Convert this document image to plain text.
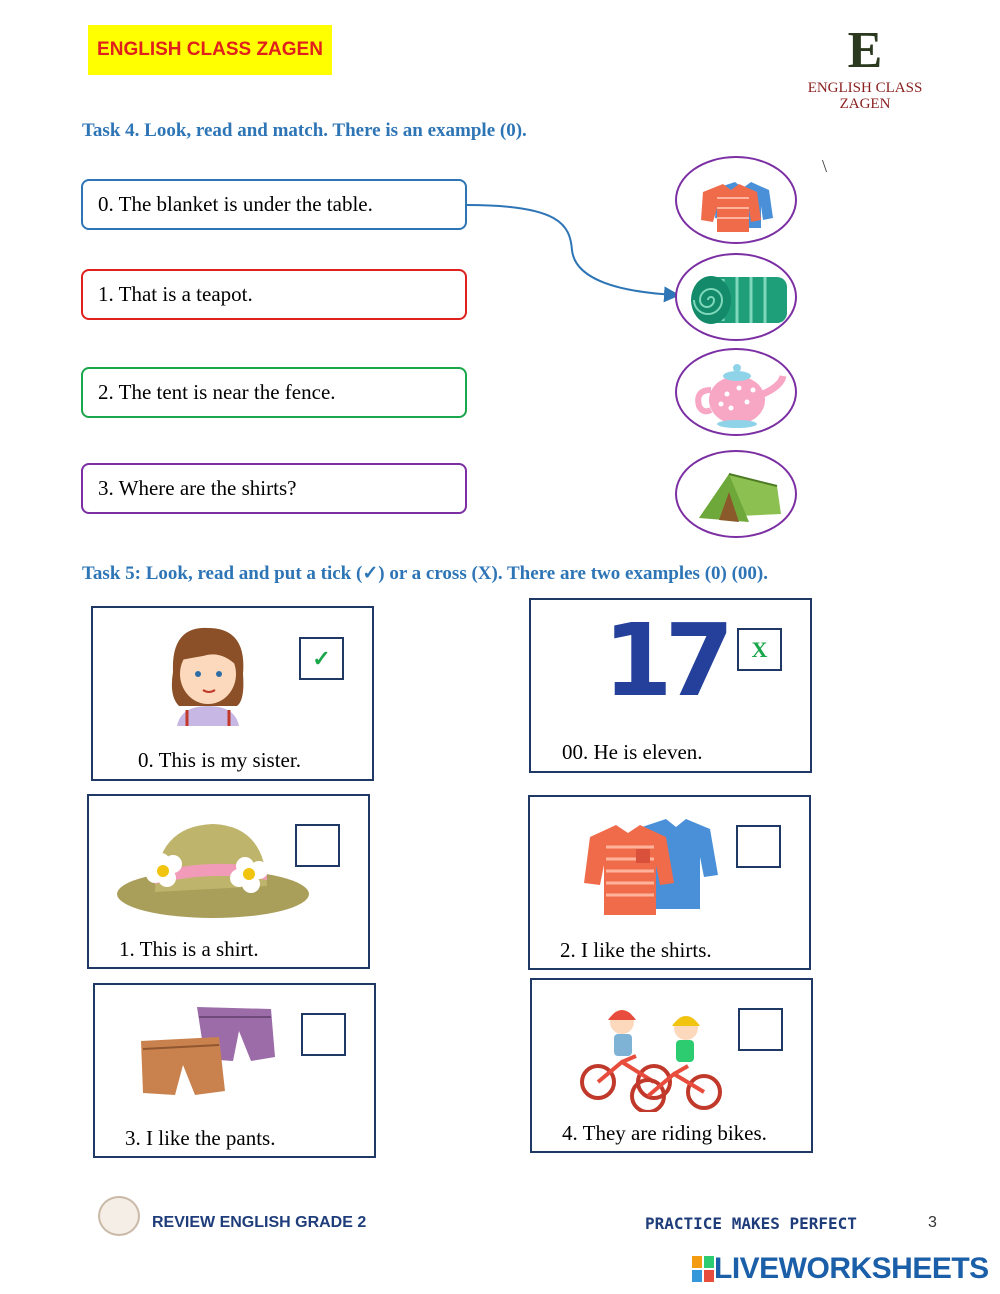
ENGLISH CLASS ZAGEN	E
ENGLISH CLASS ZAGEN
Task 4. Look, read and match. There is an example (0).
0. The blanket is under the table.
1. That is a teapot.
2. The tent is near the fence.
3. Where are the shirts?
\
Task 5: Look, read and put a tick (✓) or a cross (X). There are two examples (0) (00).
✓
0. This is my sister.
17	X
00. He is eleven.
1. This is a shirt.	2. I like the shirts.
3. I like the pants.	4. They are riding bikes.
REVIEW ENGLISH GRADE 2	PRACTICE MAKES PERFECT	3
LIVEWORKSHEETS
